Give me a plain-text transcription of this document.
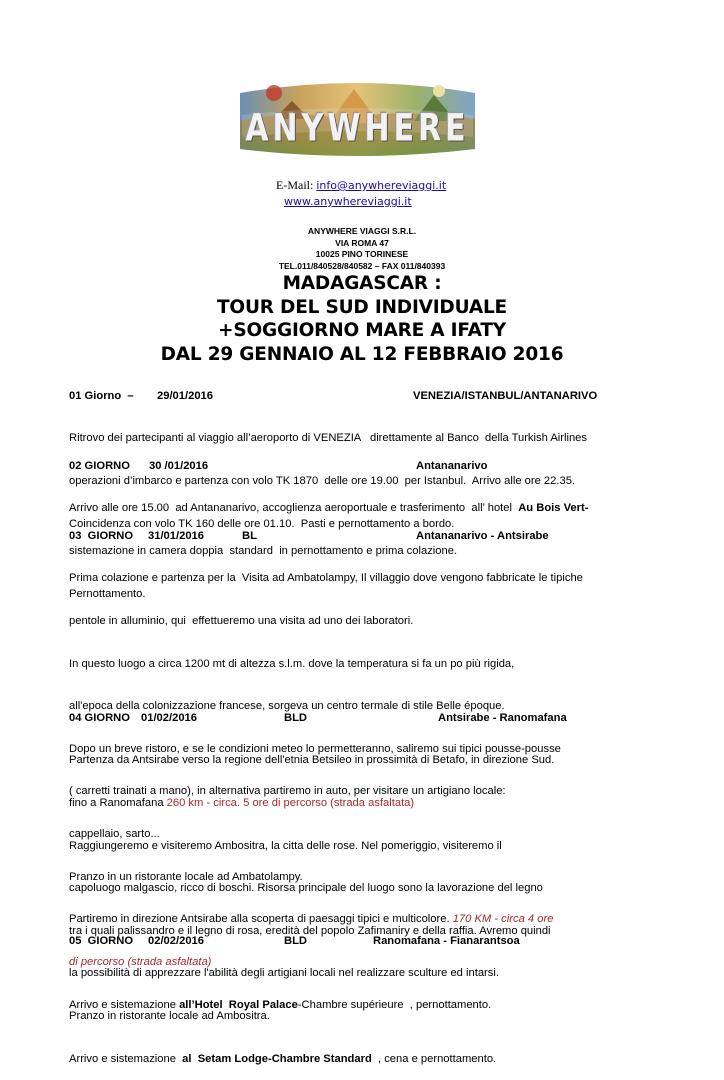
ANYWHERE
E-Mail: info@anywhereviaggi.it
www.anywhereviaggi.it
ANYWHERE VIAGGI S.R.L.
VIA ROMA 47
10025 PINO TORINESE
TEL.011/840528/840582 – FAX 011/840393
MADAGASCAR :
TOUR DEL SUD INDIVIDUALE
+SOGGIORNO MARE A IFATY
DAL 29 GENNAIO AL 12 FEBBRAIO 2016
01 Giorno  – 29/01/2016	VENEZIA/ISTANBUL/ANTANARIVO

Ritrovo dei partecipanti al viaggio all’aeroporto di VENEZIA   direttamente al Banco  della Turkish Airlines

operazioni d’imbarco e partenza con volo TK 1870  delle ore 19.00  per Istanbul.  Arrivo alle ore 22.35.

Coincidenza con volo TK 160 delle ore 01.10.  Pasti e pernottamento a bordo.

02 GIORNO 30 /01/2016	Antananarivo

Arrivo alle ore 15.00  ad Antananarivo, accoglienza aeroportuale e trasferimento  all’ hotel  Au Bois Vert-

sistemazione in camera doppia  standard  in pernottamento e prima colazione.

Pernottamento.

03  GIORNO 31/01/2016	BL	Antananarivo - Antsirabe

Prima colazione e partenza per la  Visita ad Ambatolampy, Il villaggio dove vengono fabbricate le tipiche

pentole in alluminio, qui  effettueremo una visita ad uno dei laboratori.

In questo luogo a circa 1200 mt di altezza s.l.m. dove la temperatura si fa un po più rigida,

all'epoca della colonizzazione francese, sorgeva un centro termale di stile Belle époque.

Dopo un breve ristoro, e se le condizioni meteo lo permetteranno, saliremo sui tipici pousse-pousse

( carretti trainati a mano), in alternativa partiremo in auto, per visitare un artigiano locale:

cappellaio, sarto...

Pranzo in un ristorante locale ad Ambatolampy.

Partiremo in direzione Antsirabe alla scoperta di paesaggi tipici e multicolore. 170 KM - circa 4 ore

di percorso (strada asfaltata)

Arrivo e sistemazione all’Hotel  Royal Palace-Chambre supérieure  , pernottamento.

04 GIORNO 01/02/2016	BLD	Antsirabe - Ranomafana

Partenza da Antsirabe verso la regione dell'etnia Betsileo in prossimità di Betafo, in direzione Sud.

fino a Ranomafana 260 km - circa. 5 ore di percorso (strada asfaltata)

Raggiungeremo e visiteremo Ambositra, la citta delle rose. Nel pomeriggio, visiteremo il

capoluogo malgascio, ricco di boschi. Risorsa principale del luogo sono la lavorazione del legno

tra i quali palissandro e il legno di rosa, eredità del popolo Zafimaniry e della raffia. Avremo quindi

la possibilità di apprezzare l'abilità degli artigiani locali nel realizzare sculture ed intarsi.

Pranzo in ristorante locale ad Ambositra.

Arrivo e sistemazione  al  Setam Lodge-Chambre Standard  , cena e pernottamento.

05  GIORNO 02/02/2016	BLD	Ranomafana - Fianarantsoa
